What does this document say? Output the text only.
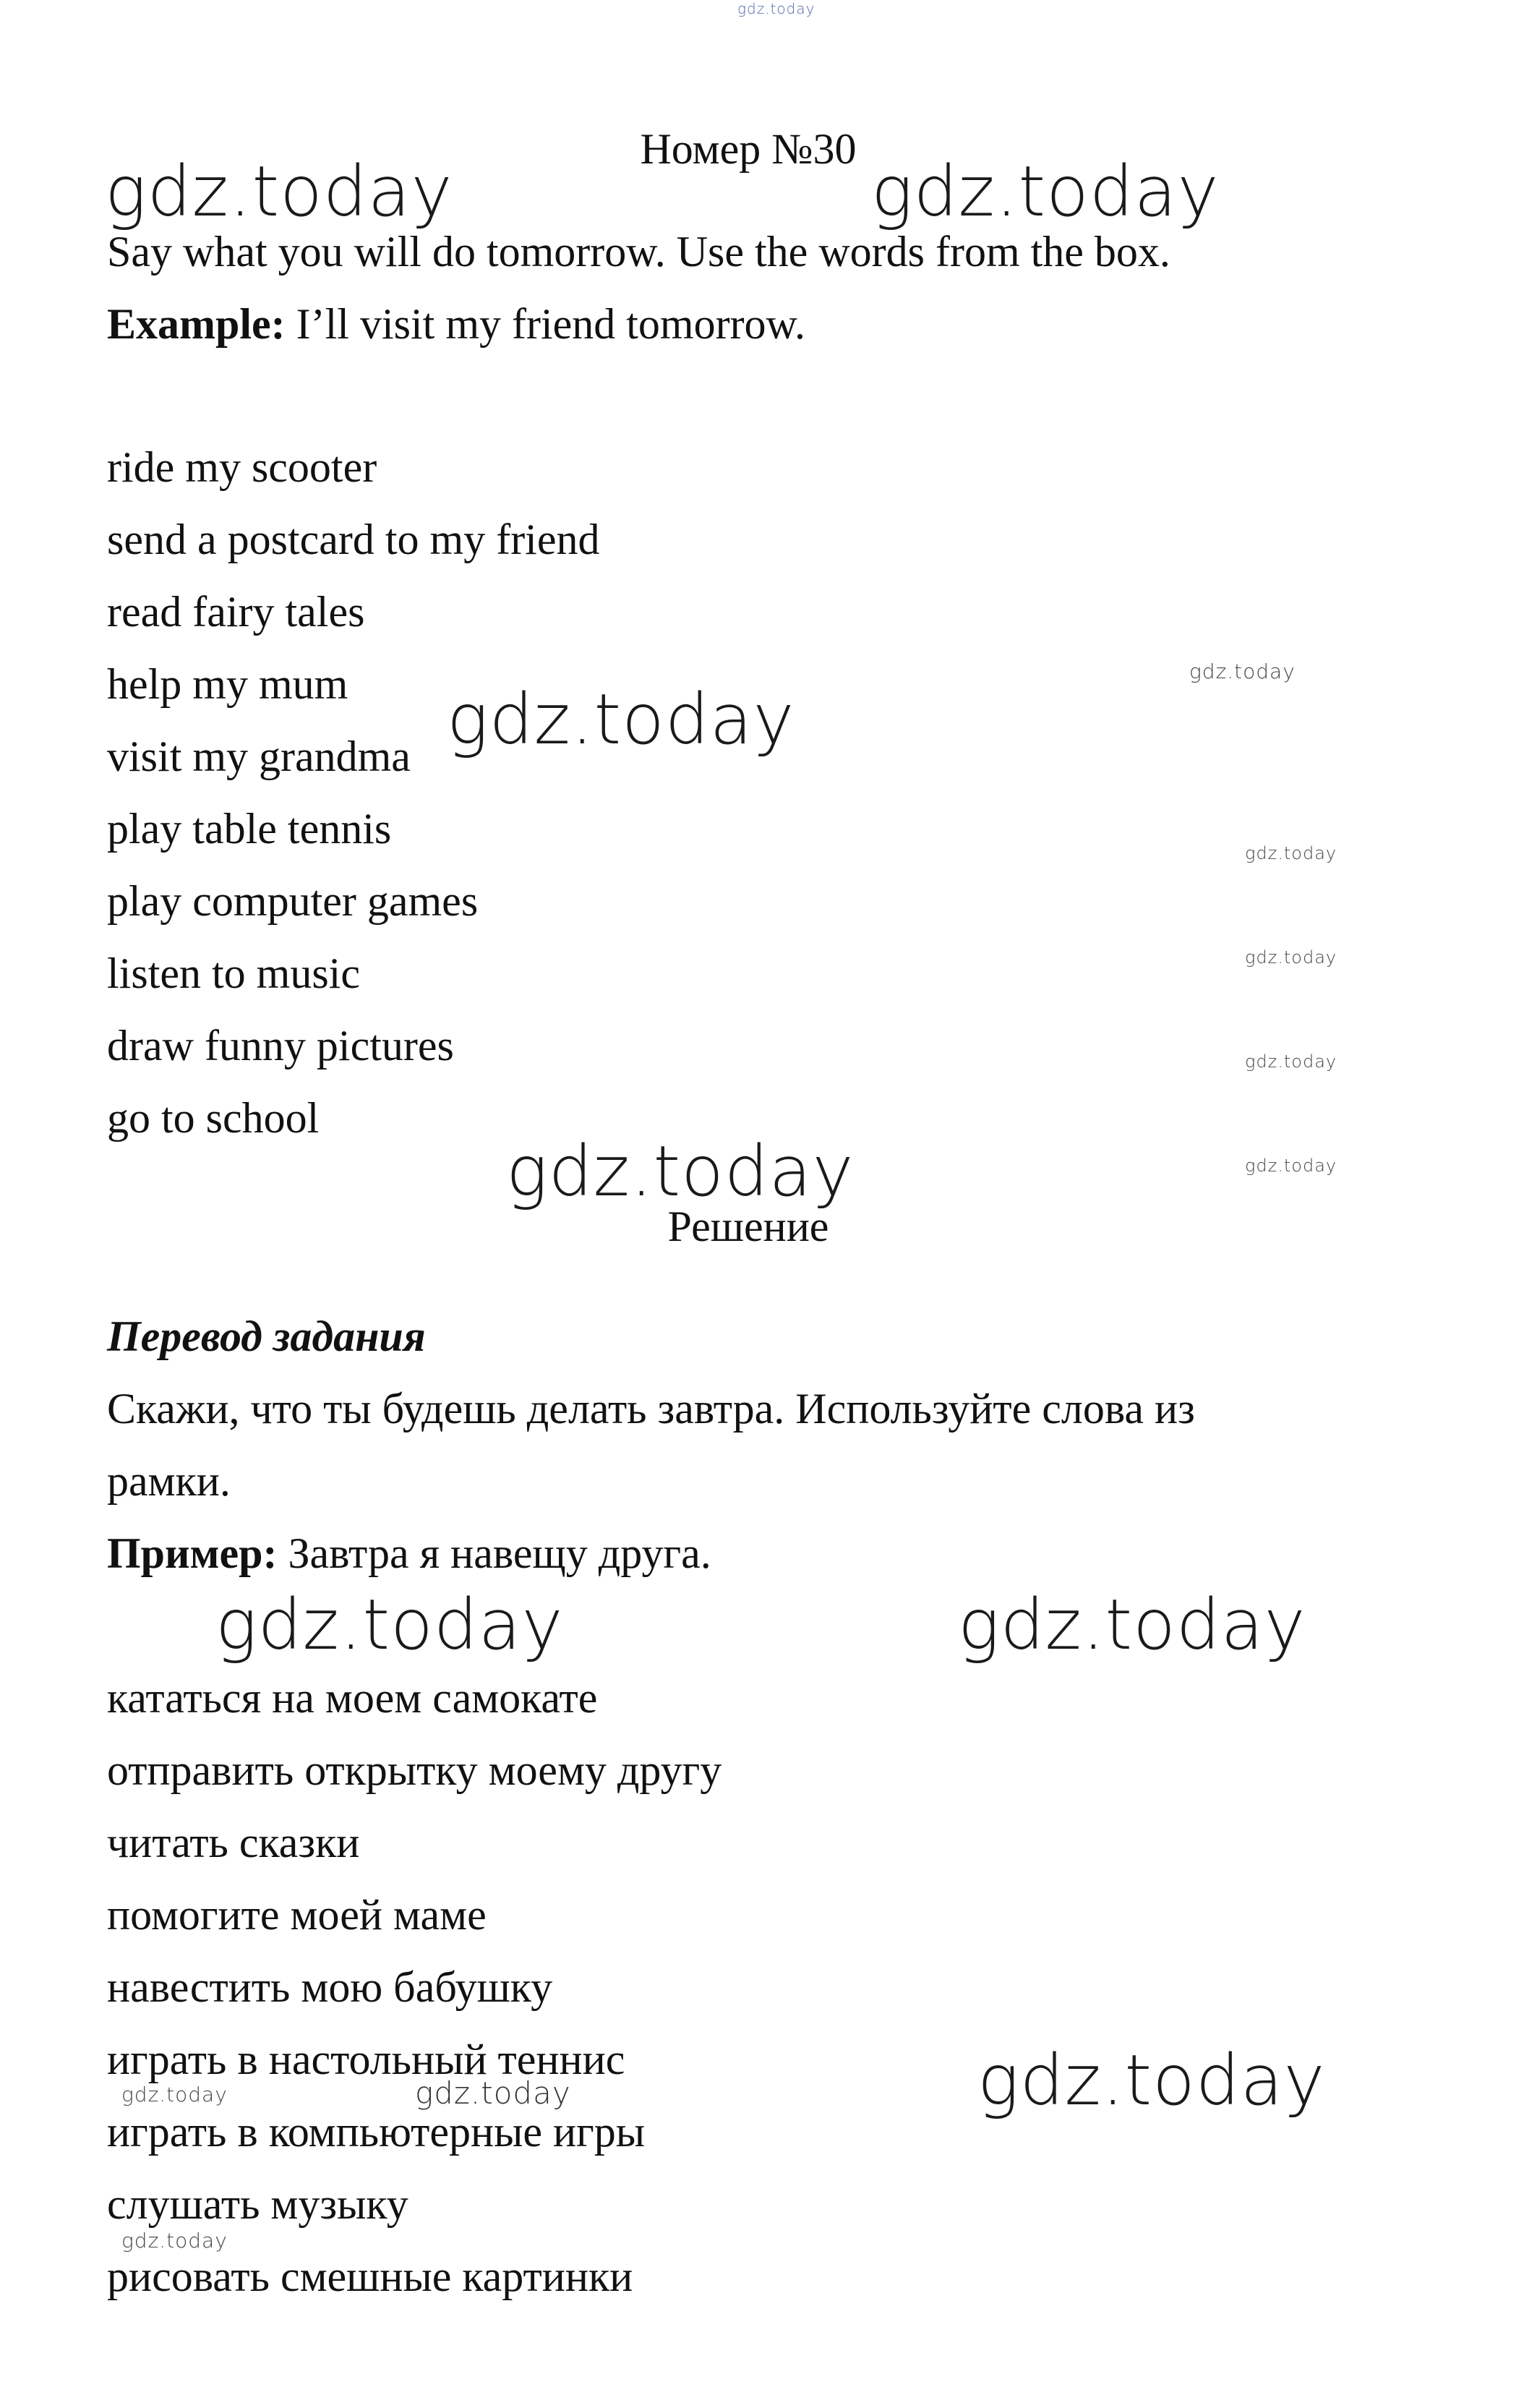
gdz.today
gdz.today	gdz.today
gdz.today
gdz.today
gdz.today
gdz.today
gdz.today
gdz.today
gdz.today
gdz.today	gdz.today
gdz.today
gdz.today	gdz.today
gdz.today
Номер №30
Say what you will do tomorrow. Use the words from the box.
Example: I’ll visit my friend tomorrow.
ride my scooter
send a postcard to my friend
read fairy tales
help my mum
visit my grandma
play table tennis
play computer games
listen to music
draw funny pictures
go to school
Решение
Перевод задания
Скажи, что ты будешь делать завтра. Используйте слова из
рамки.
Пример: Завтра я навещу друга.
кататься на моем самокате
отправить открытку моему другу
читать сказки
помогите моей маме
навестить мою бабушку
играть в настольный теннис
играть в компьютерные игры
слушать музыку
рисовать смешные картинки
